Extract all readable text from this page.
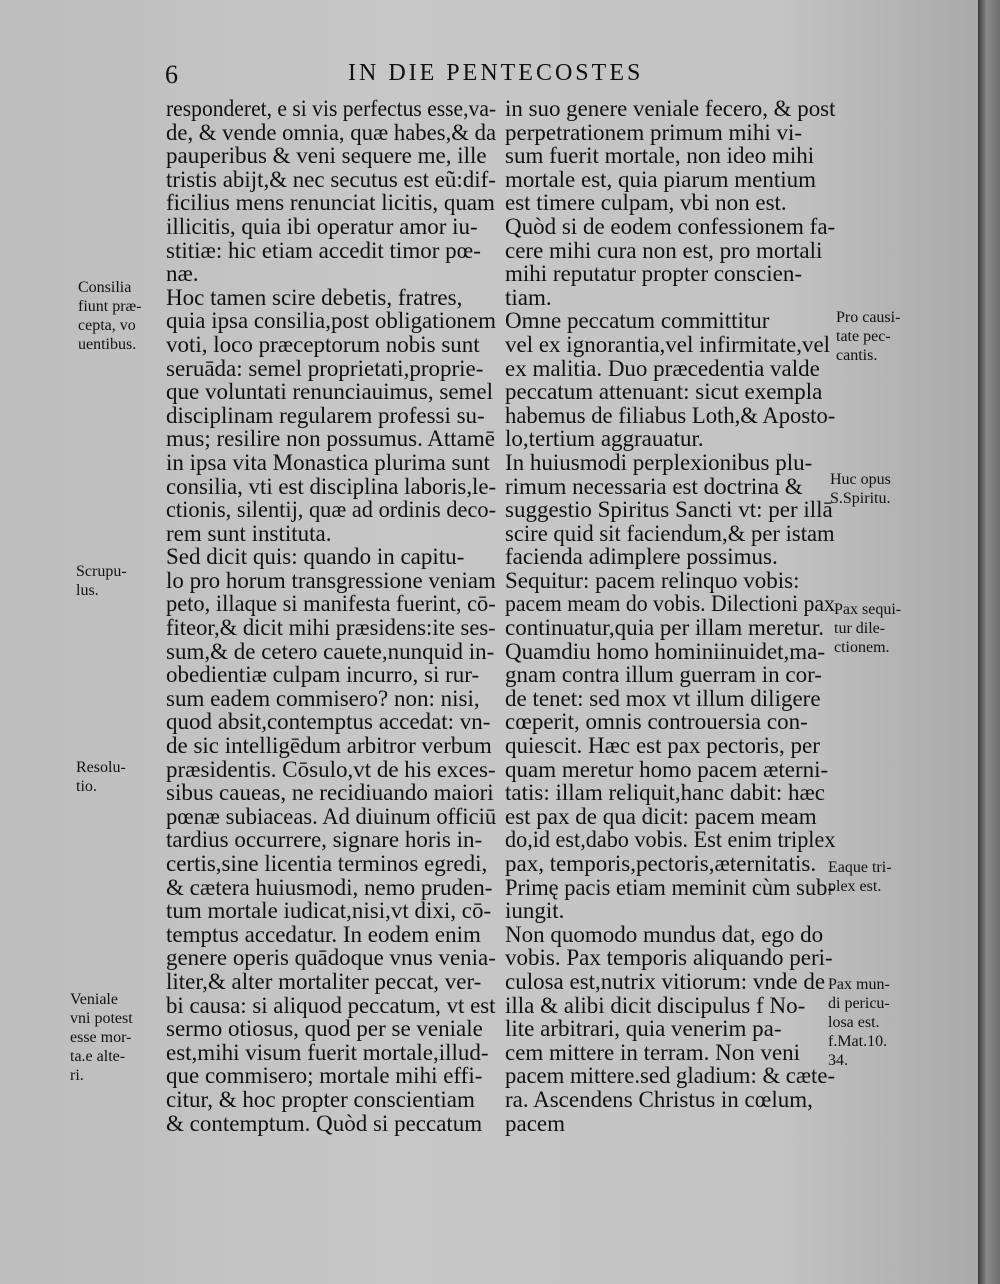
6	IN DIE PENTECOSTES
responderet, e si vis perfectus esse,va-
de, & vende omnia, quæ habes,& da
pauperibus & veni sequere me, ille
tristis abijt,& nec secutus est eũ:dif-
ficilius mens renunciat licitis, quam
illicitis, quia ibi operatur amor iu-
stitiæ: hic etiam accedit timor pœ-
næ.
Hoc tamen scire debetis, fratres,
quia ipsa consilia,post obligationem
voti, loco præceptorum nobis sunt
seruāda: semel proprietati,proprie-
que voluntati renunciauimus, semel
disciplinam regularem professi su-
mus; resilire non possumus. Attamē
in ipsa vita Monastica plurima sunt
consilia, vti est disciplina laboris,le-
ctionis, silentij, quæ ad ordinis deco-
rem sunt instituta.
Sed dicit quis: quando in capitu-
lo pro horum transgressione veniam
peto, illaque si manifesta fuerint, cō-
fiteor,& dicit mihi præsidens:ite ses-
sum,& de cetero cauete,nunquid in-
obedientiæ culpam incurro, si rur-
sum eadem commisero? non: nisi,
quod absit,contemptus accedat: vn-
de sic intelligēdum arbitror verbum
præsidentis. Cōsulo,vt de his exces-
sibus caueas, ne recidiuando maiori
pœnæ subiaceas. Ad diuinum officiū
tardius occurrere, signare horis in-
certis,sine licentia terminos egredi,
& cætera huiusmodi, nemo pruden-
tum mortale iudicat,nisi,vt dixi, cō-
temptus accedatur. In eodem enim
genere operis quādoque vnus venia-
liter,& alter mortaliter peccat, ver-
bi causa: si aliquod peccatum, vt est
sermo otiosus, quod per se veniale
est,mihi visum fuerit mortale,illud-
que commisero; mortale mihi effi-
citur, & hoc propter conscientiam
& contemptum. Quòd si peccatum
in suo genere veniale fecero, & post
perpetrationem primum mihi vi-
sum fuerit mortale, non ideo mihi
mortale est, quia piarum mentium
est timere culpam, vbi non est.
Quòd si de eodem confessionem fa-
cere mihi cura non est, pro mortali
mihi reputatur propter conscien-
tiam.
Omne peccatum committitur
vel ex ignorantia,vel infirmitate,vel
ex malitia. Duo præcedentia valde
peccatum attenuant: sicut exempla
habemus de filiabus Loth,& Aposto-
lo,tertium aggrauatur.
In huiusmodi perplexionibus plu-
rimum necessaria est doctrina &
suggestio Spiritus Sancti vt: per illā
scire quid sit faciendum,& per istam
facienda adimplere possimus.
Sequitur: pacem relinquo vobis:
pacem meam do vobis. Dilectioni pax
continuatur,quia per illam meretur.
Quamdiu homo hominiinuidet,ma-
gnam contra illum guerram in cor-
de tenet: sed mox vt illum diligere
cœperit, omnis controuersia con-
quiescit. Hæc est pax pectoris, per
quam meretur homo pacem æterni-
tatis: illam reliquit,hanc dabit: hæc
est pax de qua dicit: pacem meam
do,id est,dabo vobis. Est enim triplex
pax, temporis,pectoris,æternitatis.
Primę pacis etiam meminit cùm sub-
iungit.
Non quomodo mundus dat, ego do
vobis. Pax temporis aliquando peri-
culosa est,nutrix vitiorum: vnde de
illa & alibi dicit discipulus f No-
lite arbitrari, quia venerim pa-
cem mittere in terram. Non veni
pacem mittere.sed gladium: & cæte-
ra. Ascendens Christus in cœlum,
pacem
Consilia
fiunt præ-
cepta, vo
uentibus.
Scrupu-
lus.
Resolu-
tio.
Veniale
vni potest
esse mor-
ta.e alte-
ri.
Pro causi-
tate pec-
cantis.
Huc opus
S.Spiritu.
Pax sequi-
tur dile-
ctionem.
Eaque tri-
plex est.
Pax mun-
di pericu-
losa est.
f.Mat.10.
34.
